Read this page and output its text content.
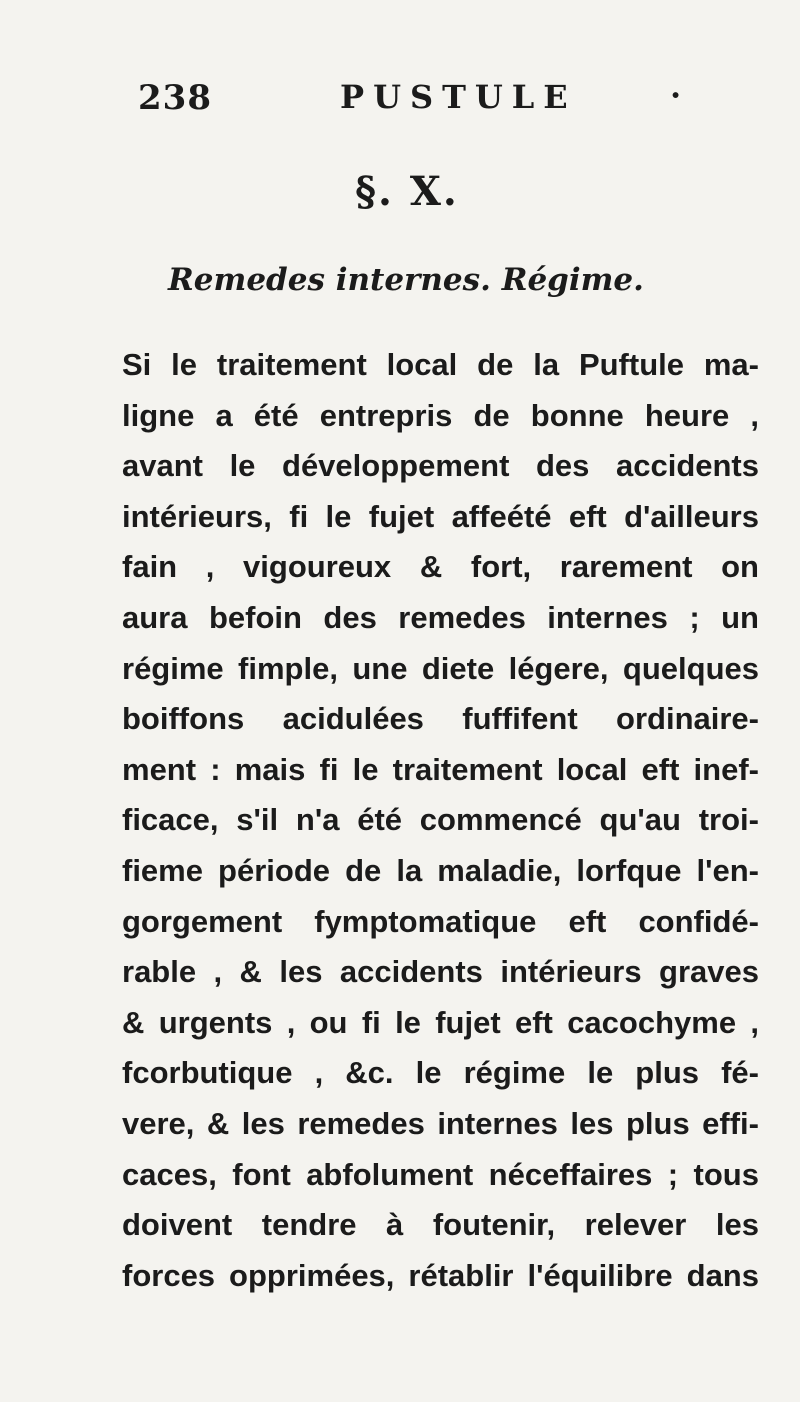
238	PUSTULE	·
§. X.
Remedes internes. Régime.
Si le traitement local de la Puftule ma-
ligne a été entrepris de bonne heure ,
avant le développement des accidents
intérieurs, fi le fujet affeété eft d'ailleurs
fain , vigoureux & fort, rarement on
aura befoin des remedes internes ; un
régime fimple, une diete légere, quelques
boiffons acidulées fuffifent ordinaire-
ment : mais fi le traitement local eft inef-
ficace, s'il n'a été commencé qu'au troi-
fieme période de la maladie, lorfque l'en-
gorgement fymptomatique eft confidé-
rable , & les accidents intérieurs graves
& urgents , ou fi le fujet eft cacochyme ,
fcorbutique , &c. le régime le plus fé-
vere, & les remedes internes les plus effi-
caces, font abfolument néceffaires ; tous
doivent tendre à foutenir, relever les
forces opprimées, rétablir l'équilibre dans
